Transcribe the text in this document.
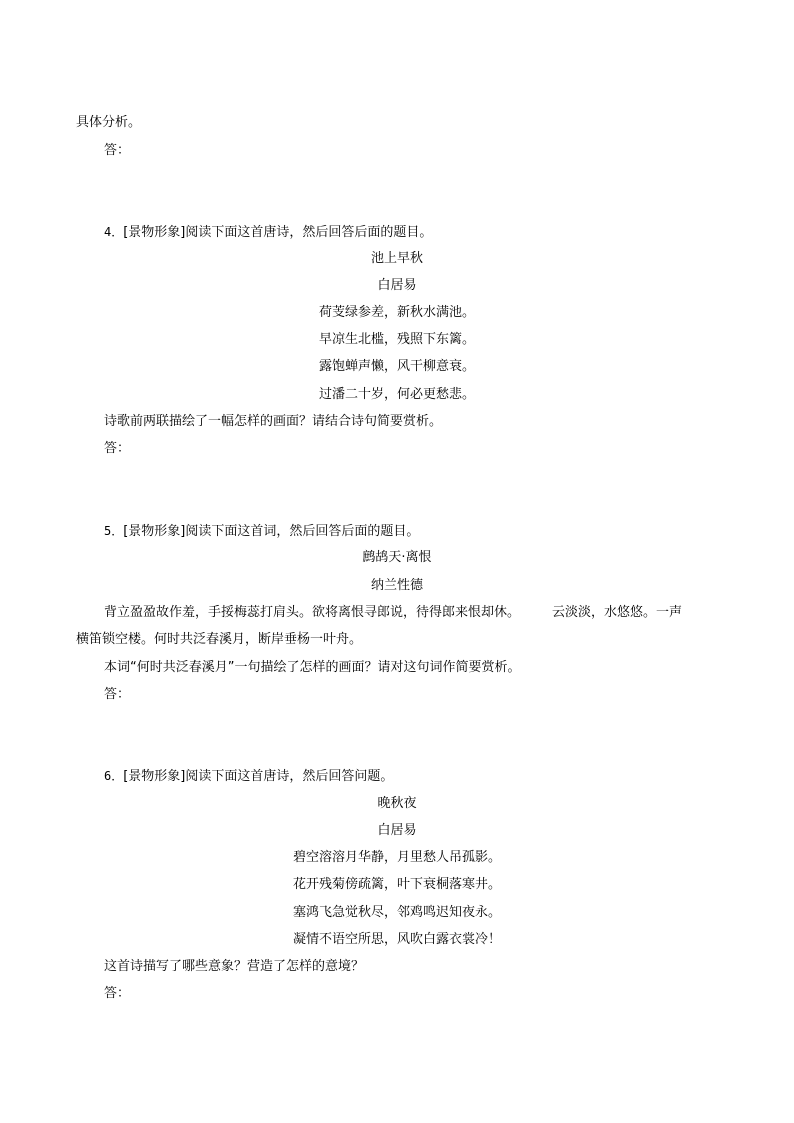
具体分析。
答：
4．[景物形象]阅读下面这首唐诗，然后回答后面的题目。
池上早秋
白居易
荷芰绿参差，新秋水满池。
早凉生北槛，残照下东篱。
露饱蝉声懒，风干柳意衰。
过潘二十岁，何必更愁悲。
诗歌前两联描绘了一幅怎样的画面？请结合诗句简要赏析。
答：
5．[景物形象]阅读下面这首词，然后回答后面的题目。
鹧鸪天·离恨
纳兰性德
背立盈盈故作羞，手挼梅蕊打肩头。欲将离恨寻郎说，待得郎来恨却休。 云淡淡，水悠悠。一声
横笛锁空楼。何时共泛春溪月，断岸垂杨一叶舟。
本词“何时共泛春溪月”一句描绘了怎样的画面？请对这句词作简要赏析。
答：
6．[景物形象]阅读下面这首唐诗，然后回答问题。
晚秋夜
白居易
碧空溶溶月华静，月里愁人吊孤影。
花开残菊傍疏篱，叶下衰桐落寒井。
塞鸿飞急觉秋尽，邻鸡鸣迟知夜永。
凝情不语空所思，风吹白露衣裳冷！
这首诗描写了哪些意象？营造了怎样的意境？
答：
